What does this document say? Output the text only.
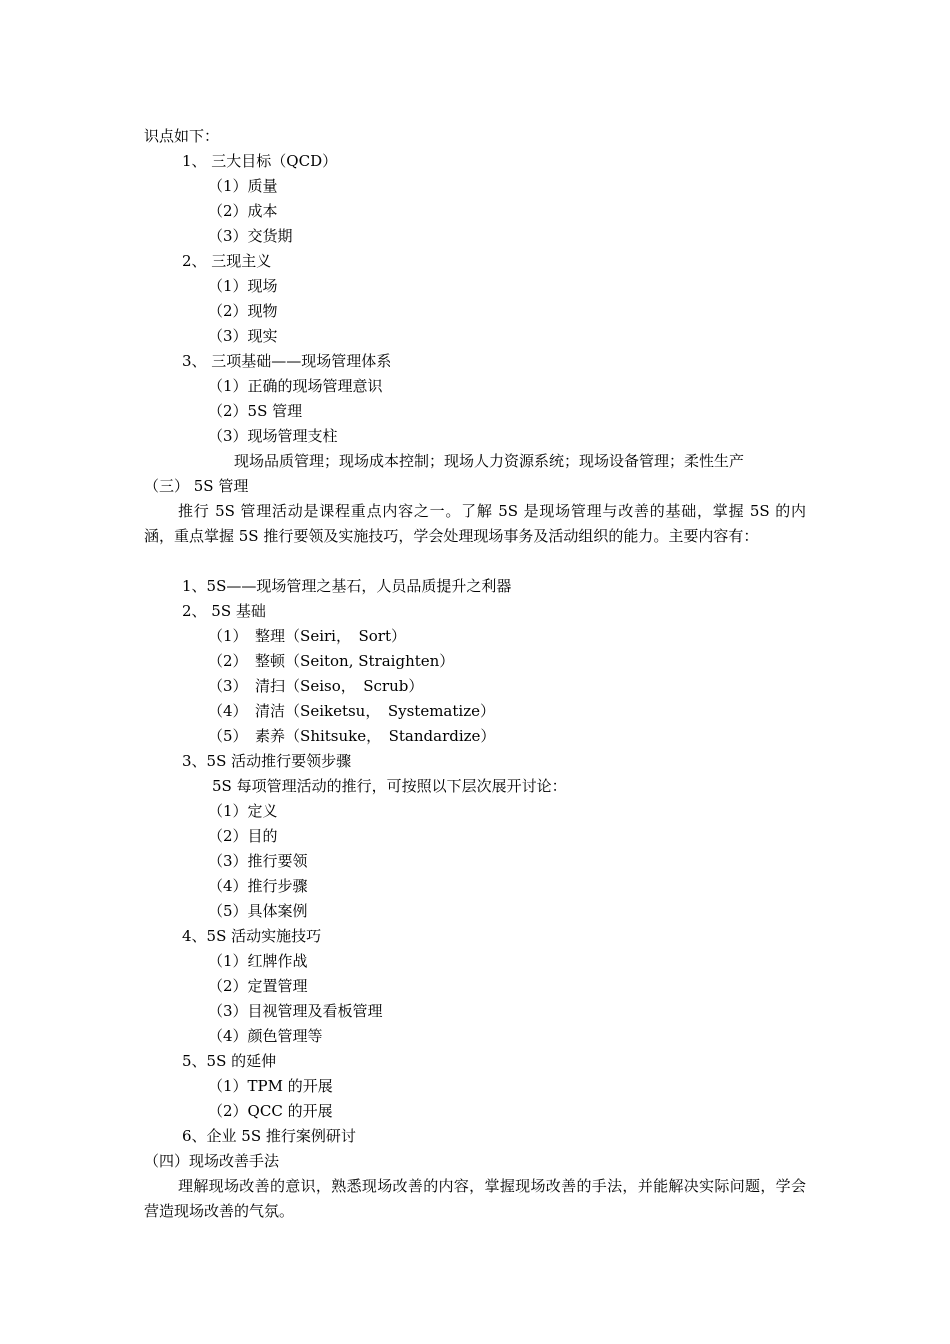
识点如下：
1、 三大目标（QCD）
（1）质量
（2）成本
（3）交货期
2、 三现主义
（1）现场
（2）现物
（3）现实
3、 三项基础——现场管理体系
（1）正确的现场管理意识
（2）5S 管理
（3）现场管理支柱
现场品质管理；现场成本控制；现场人力资源系统；现场设备管理；柔性生产
（三） 5S 管理
推行 5S 管理活动是课程重点内容之一。了解 5S 是现场管理与改善的基础，掌握 5S 的内涵，重点掌握 5S 推行要领及实施技巧，学会处理现场事务及活动组织的能力。主要内容有：
1、5S——现场管理之基石，人员品质提升之利器
2、 5S 基础
（1）　整理（Seiri，　Sort）
（2）　整顿（Seiton, Straighten）
（3）　清扫（Seiso，　Scrub）
（4）　清洁（Seiketsu，　Systematize）
（5）　素养（Shitsuke，　Standardize）
3、5S 活动推行要领步骤
5S 每项管理活动的推行，可按照以下层次展开讨论：
（1）定义
（2）目的
（3）推行要领
（4）推行步骤
（5）具体案例
4、5S 活动实施技巧
（1）红牌作战
（2）定置管理
（3）目视管理及看板管理
（4）颜色管理等
5、5S 的延伸
（1）TPM 的开展
（2）QCC 的开展
6、企业 5S 推行案例研讨
（四）现场改善手法
理解现场改善的意识，熟悉现场改善的内容，掌握现场改善的手法，并能解决实际问题，学会营造现场改善的气氛。
